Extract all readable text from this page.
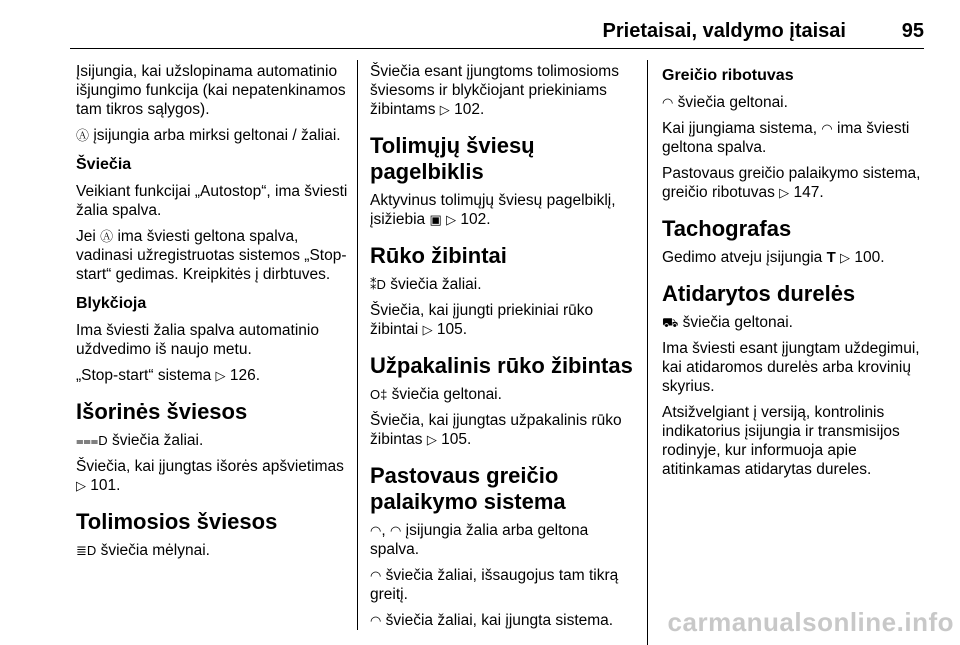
Prietaisai, valdymo įtaisai	95

Įsijungia, kai užslopinama automatinio išjungimo funkcija (kai nepatenkinamos tam tikros sąlygos).

Ⓐ įsijungia arba mirksi geltonai / žaliai.

Šviečia

Veikiant funkcijai „Autostop“, ima šviesti žalia spalva.

Jei Ⓐ ima šviesti geltona spalva, vadinasi užregistruotas sistemos „Stop-start“ gedimas. Kreipkitės į dirbtuves.

Blykčioja

Ima šviesti žalia spalva automatinio uždvedimo iš naujo metu.

„Stop-start“ sistema ▷ 126.

Išorinės šviesos

⩶D šviečia žaliai.

Šviečia, kai įjungtas išorės apšvietimas ▷ 101.

Tolimosios šviesos

≣D šviečia mėlynai.

Šviečia esant įjungtoms tolimosioms šviesoms ir blykčiojant priekiniams žibintams ▷ 102.

Tolimųjų šviesų pagelbiklis

Aktyvinus tolimųjų šviesų pagelbiklį, įsižiebia ▣ ▷ 102.

Rūko žibintai

⁑D šviečia žaliai.

Šviečia, kai įjungti priekiniai rūko žibintai ▷ 105.

Užpakalinis rūko žibintas

O‡ šviečia geltonai.

Šviečia, kai įjungtas užpakalinis rūko žibintas ▷ 105.

Pastovaus greičio palaikymo sistema

◠, ◠ įsijungia žalia arba geltona spalva.

◠ šviečia žaliai, išsaugojus tam tikrą greitį.

◠ šviečia žaliai, kai įjungta sistema.

Greičio ribotuvas

◠ šviečia geltonai.

Kai įjungiama sistema, ◠ ima šviesti geltona spalva.

Pastovaus greičio palaikymo sistema, greičio ribotuvas ▷ 147.

Tachografas

Gedimo atveju įsijungia T ▷ 100.

Atidarytos durelės

⛟ šviečia geltonai.

Ima šviesti esant įjungtam uždegimui, kai atidaromos durelės arba krovinių skyrius.

Atsižvelgiant į versiją, kontrolinis indikatorius įsijungia ir transmisijos rodinyje, kur informuoja apie atitinkamas atidarytas dureles.

carmanualsonline.info
